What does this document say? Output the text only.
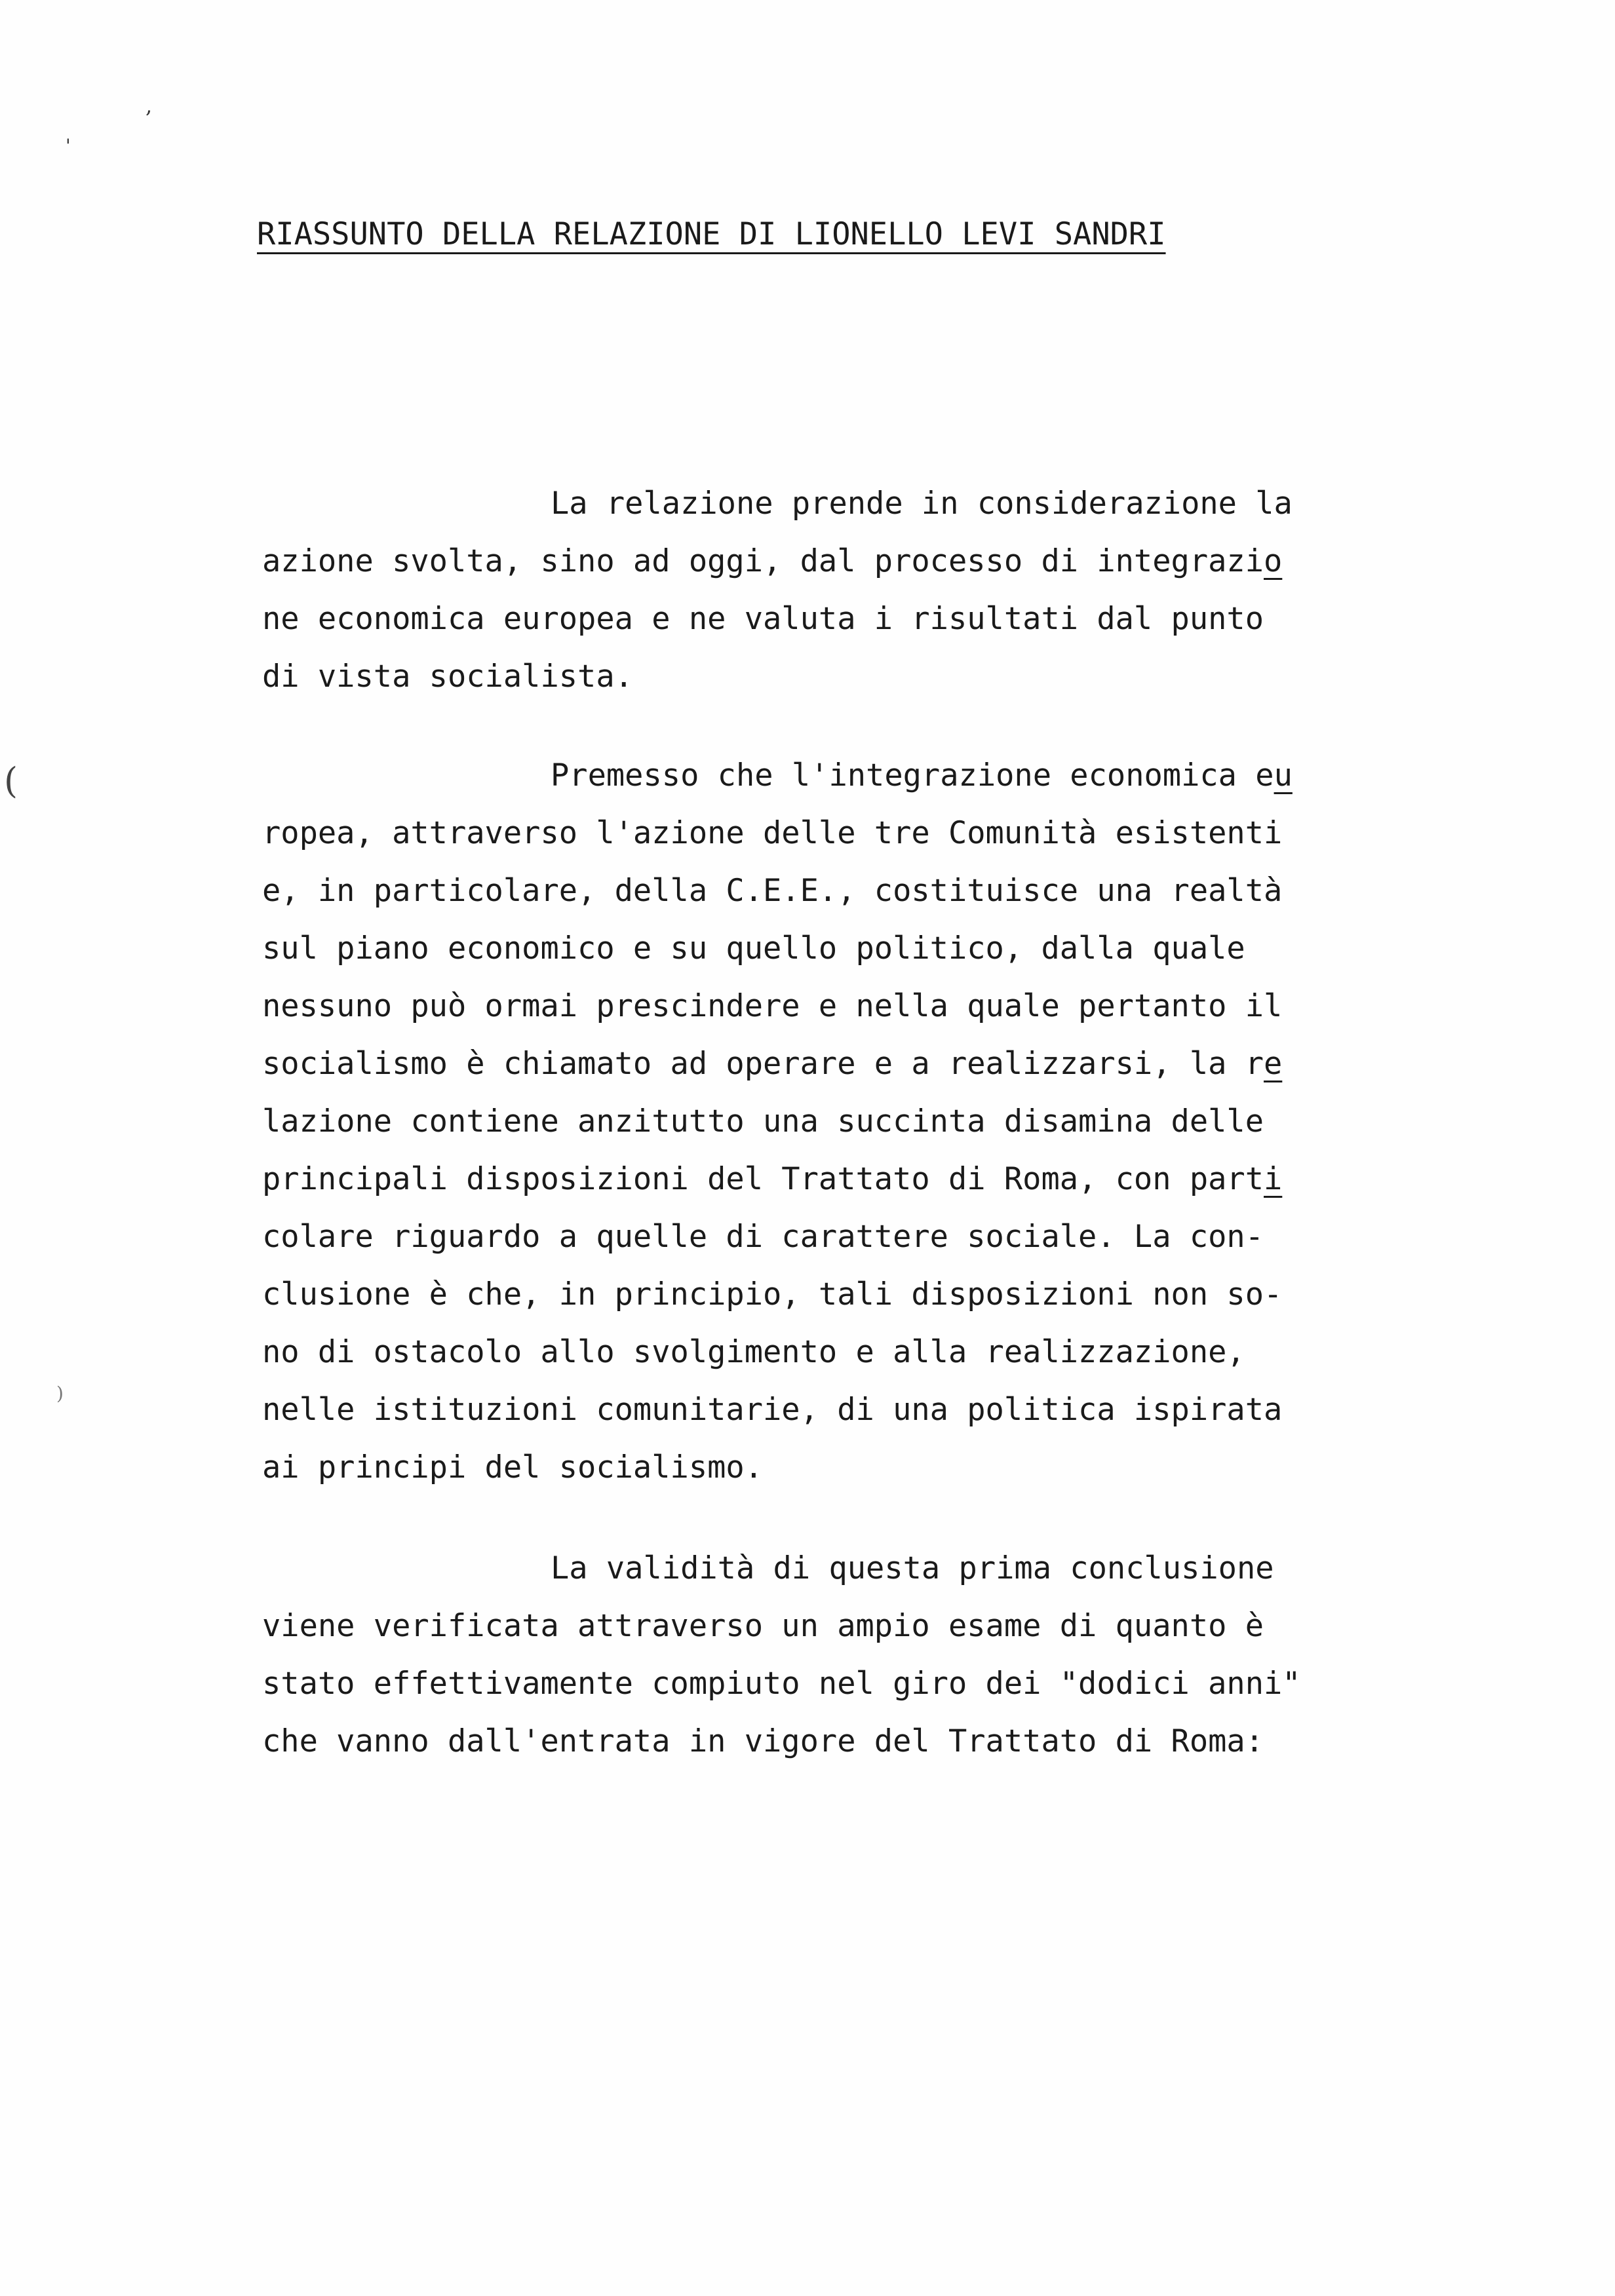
,
'
(
)
RIASSUNTO DELLA RELAZIONE DI LIONELLO LEVI SANDRI
La relazione prende in considerazione la
azione svolta, sino ad oggi, dal processo di integrazio
ne economica europea e ne valuta i risultati dal punto
di vista socialista.
Premesso che l'integrazione economica eu
ropea, attraverso l'azione delle tre Comunità esistenti
e, in particolare, della C.E.E., costituisce una realtà
sul piano economico e su quello politico, dalla quale
nessuno può ormai prescindere e nella quale pertanto il
socialismo è chiamato ad operare e a realizzarsi, la re
lazione contiene anzitutto una succinta disamina delle
principali disposizioni del Trattato di Roma, con parti
colare riguardo a quelle di carattere sociale. La con-
clusione è che, in principio, tali disposizioni non so-
no di ostacolo allo svolgimento e alla realizzazione,
nelle istituzioni comunitarie, di una politica ispirata
ai principi del socialismo.
La validità di questa prima conclusione
viene verificata attraverso un ampio esame di quanto è
stato effettivamente compiuto nel giro dei "dodici anni"
che vanno dall'entrata in vigore del Trattato di Roma:
